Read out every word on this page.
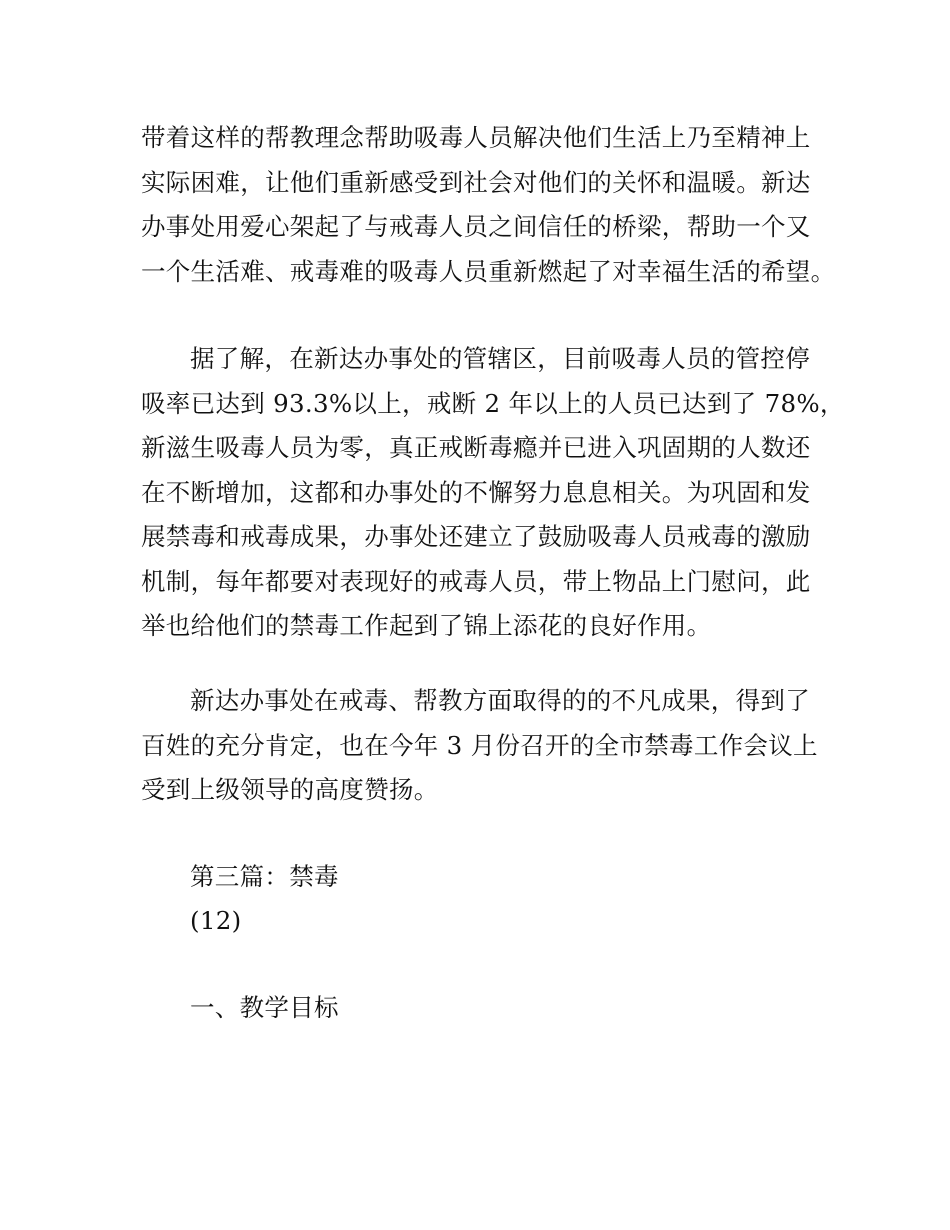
带着这样的帮教理念帮助吸毒人员解决他们生活上乃至精神上
实际困难，让他们重新感受到社会对他们的关怀和温暖。新达
办事处用爱心架起了与戒毒人员之间信任的桥梁，帮助一个又
一个生活难、戒毒难的吸毒人员重新燃起了对幸福生活的希望。
据了解，在新达办事处的管辖区，目前吸毒人员的管控停
吸率已达到 93.3%以上，戒断 2 年以上的人员已达到了 78%，
新滋生吸毒人员为零，真正戒断毒瘾并已进入巩固期的人数还
在不断增加，这都和办事处的不懈努力息息相关。为巩固和发
展禁毒和戒毒成果，办事处还建立了鼓励吸毒人员戒毒的激励
机制，每年都要对表现好的戒毒人员，带上物品上门慰问，此
举也给他们的禁毒工作起到了锦上添花的良好作用。
新达办事处在戒毒、帮教方面取得的的不凡成果，得到了
百姓的充分肯定，也在今年 3 月份召开的全市禁毒工作会议上
受到上级领导的高度赞扬。
第三篇：禁毒
(12)
一、教学目标
